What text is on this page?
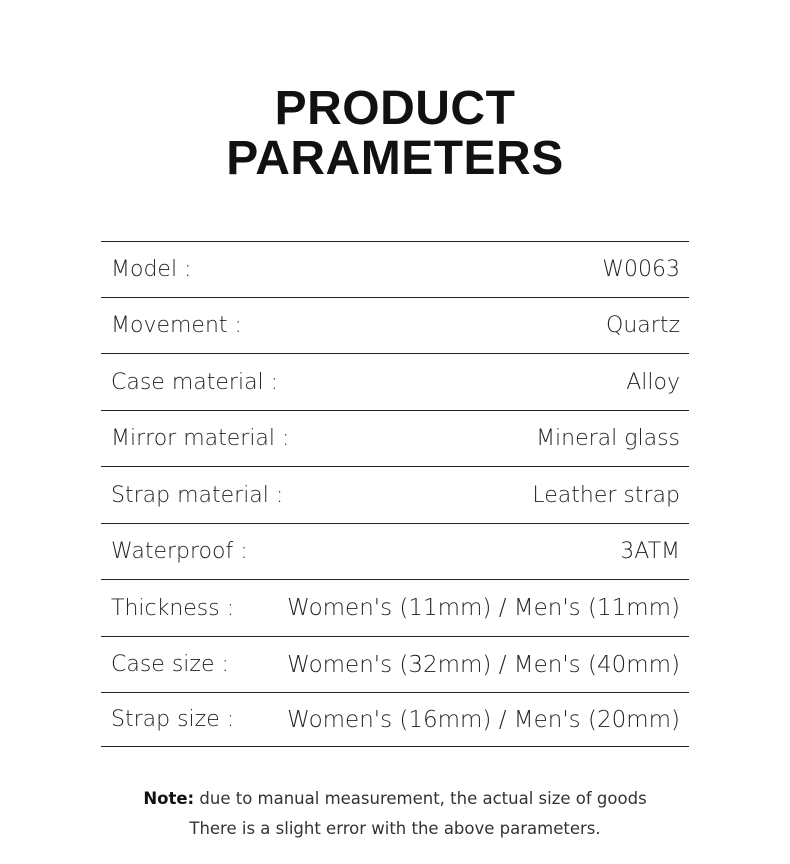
PRODUCT
PARAMETERS
Model :	W0063
Movement :	Quartz
Case material :	Alloy
Mirror material :	Mineral glass
Strap material :	Leather strap
Waterproof :	3ATM
Thickness : Women's (11mm) / Men's (11mm)
Case size :	Women's (32mm) / Men's (40mm)
Strap size : Women's (16mm) / Men's (20mm)
Note: due to manual measurement, the actual size of goods
There is a slight error with the above parameters.
